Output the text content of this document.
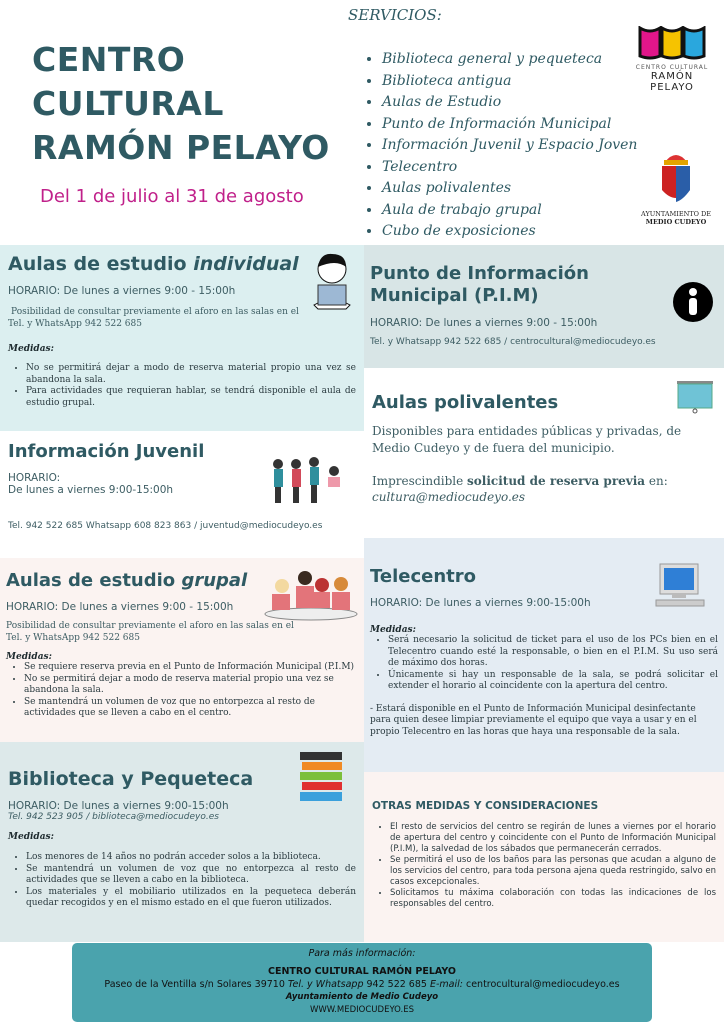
CENTRO
CULTURAL
RAMÓN PELAYO
Del 1 de julio al 31 de agosto
SERVICIOS:
• Biblioteca general y pequeteca
• Biblioteca antigua
• Aulas de Estudio
• Punto de Información Municipal
• Información Juvenil y Espacio Joven
• Telecentro
• Aulas polivalentes
• Aula de trabajo grupal
• Cubo de exposiciones
CENTRO CULTURAL
RAMÓN PELAYO
AYUNTAMIENTO DE
MEDIO CUDEYO
Aulas de estudio individual
HORARIO: De lunes a viernes 9:00 - 15:00h
Posibilidad de consultar previamente el aforo en las salas en el
Tel. y WhatsApp 942 522 685
Medidas:
• No se permitirá dejar a modo de reserva material propio una vez se abandona la sala.
• Para actividades que requieran hablar, se tendrá disponible el aula de estudio grupal.
Información Juvenil
HORARIO:
De lunes a viernes 9:00-15:00h
Tel. 942 522 685 Whatsapp 608 823 863 / juventud@mediocudeyo.es
Aulas de estudio grupal
HORARIO: De lunes a viernes 9:00 - 15:00h
Posibilidad de consultar previamente el aforo en las salas en el
Tel. y WhatsApp 942 522 685
Medidas:
• Se requiere reserva previa en el Punto de Información Municipal (P.I.M)
• No se permitirá dejar a modo de reserva material propio una vez se abandona la sala.
• Se mantendrá un volumen de voz que no entorpezca al resto de actividades que se lleven a cabo en el centro.
Biblioteca y Pequeteca
HORARIO: De lunes a viernes 9:00-15:00h
Tel. 942 523 905 / biblioteca@mediocudeyo.es
Medidas:
• Los menores de 14 años no podrán acceder solos a la biblioteca.
• Se mantendrá un volumen de voz que no entorpezca al resto de actividades que se lleven a cabo en la biblioteca.
• Los materiales y el mobiliario utilizados en la pequeteca deberán quedar recogidos y en el mismo estado en el que fueron utilizados.
Punto de Información Municipal (P.I.M)
HORARIO: De lunes a viernes 9:00 - 15:00h
Tel. y Whatsapp 942 522 685 / centrocultural@mediocudeyo.es
Aulas polivalentes
Disponibles para entidades públicas y privadas, de Medio Cudeyo y de fuera del municipio.
Imprescindible solicitud de reserva previa en:
cultura@mediocudeyo.es
Telecentro
HORARIO: De lunes a viernes 9:00-15:00h
Medidas:
• Será necesario la solicitud de ticket para el uso de los PCs bien en el Telecentro cuando esté la responsable, o bien en el P.I.M. Su uso será de máximo dos horas.
• Únicamente si hay un responsable de la sala, se podrá solicitar el extender el horario al coincidente con la apertura del centro.
- Estará disponible en el Punto de Información Municipal desinfectante para quien desee limpiar previamente el equipo que vaya a usar y en el propio Telecentro en las horas que haya una responsable de la sala.
OTRAS MEDIDAS Y CONSIDERACIONES
• El resto de servicios del centro se regirán de lunes a viernes por el horario de apertura del centro y coincidente con el Punto de Información Municipal (P.I.M), la salvedad de los sábados que permanecerán cerrados.
• Se permitirá el uso de los baños para las personas que acudan a alguno de los servicios del centro, para toda persona ajena queda restringido, salvo en casos excepcionales.
• Solicitamos tu máxima colaboración con todas las indicaciones de los responsables del centro.
Para más información:
CENTRO CULTURAL RAMÓN PELAYO
Paseo de la Ventilla s/n Solares 39710 Tel. y Whatsapp 942 522 685 E-mail: centrocultural@mediocudeyo.es
Ayuntamiento de Medio Cudeyo
WWW.MEDIOCUDEYO.ES
